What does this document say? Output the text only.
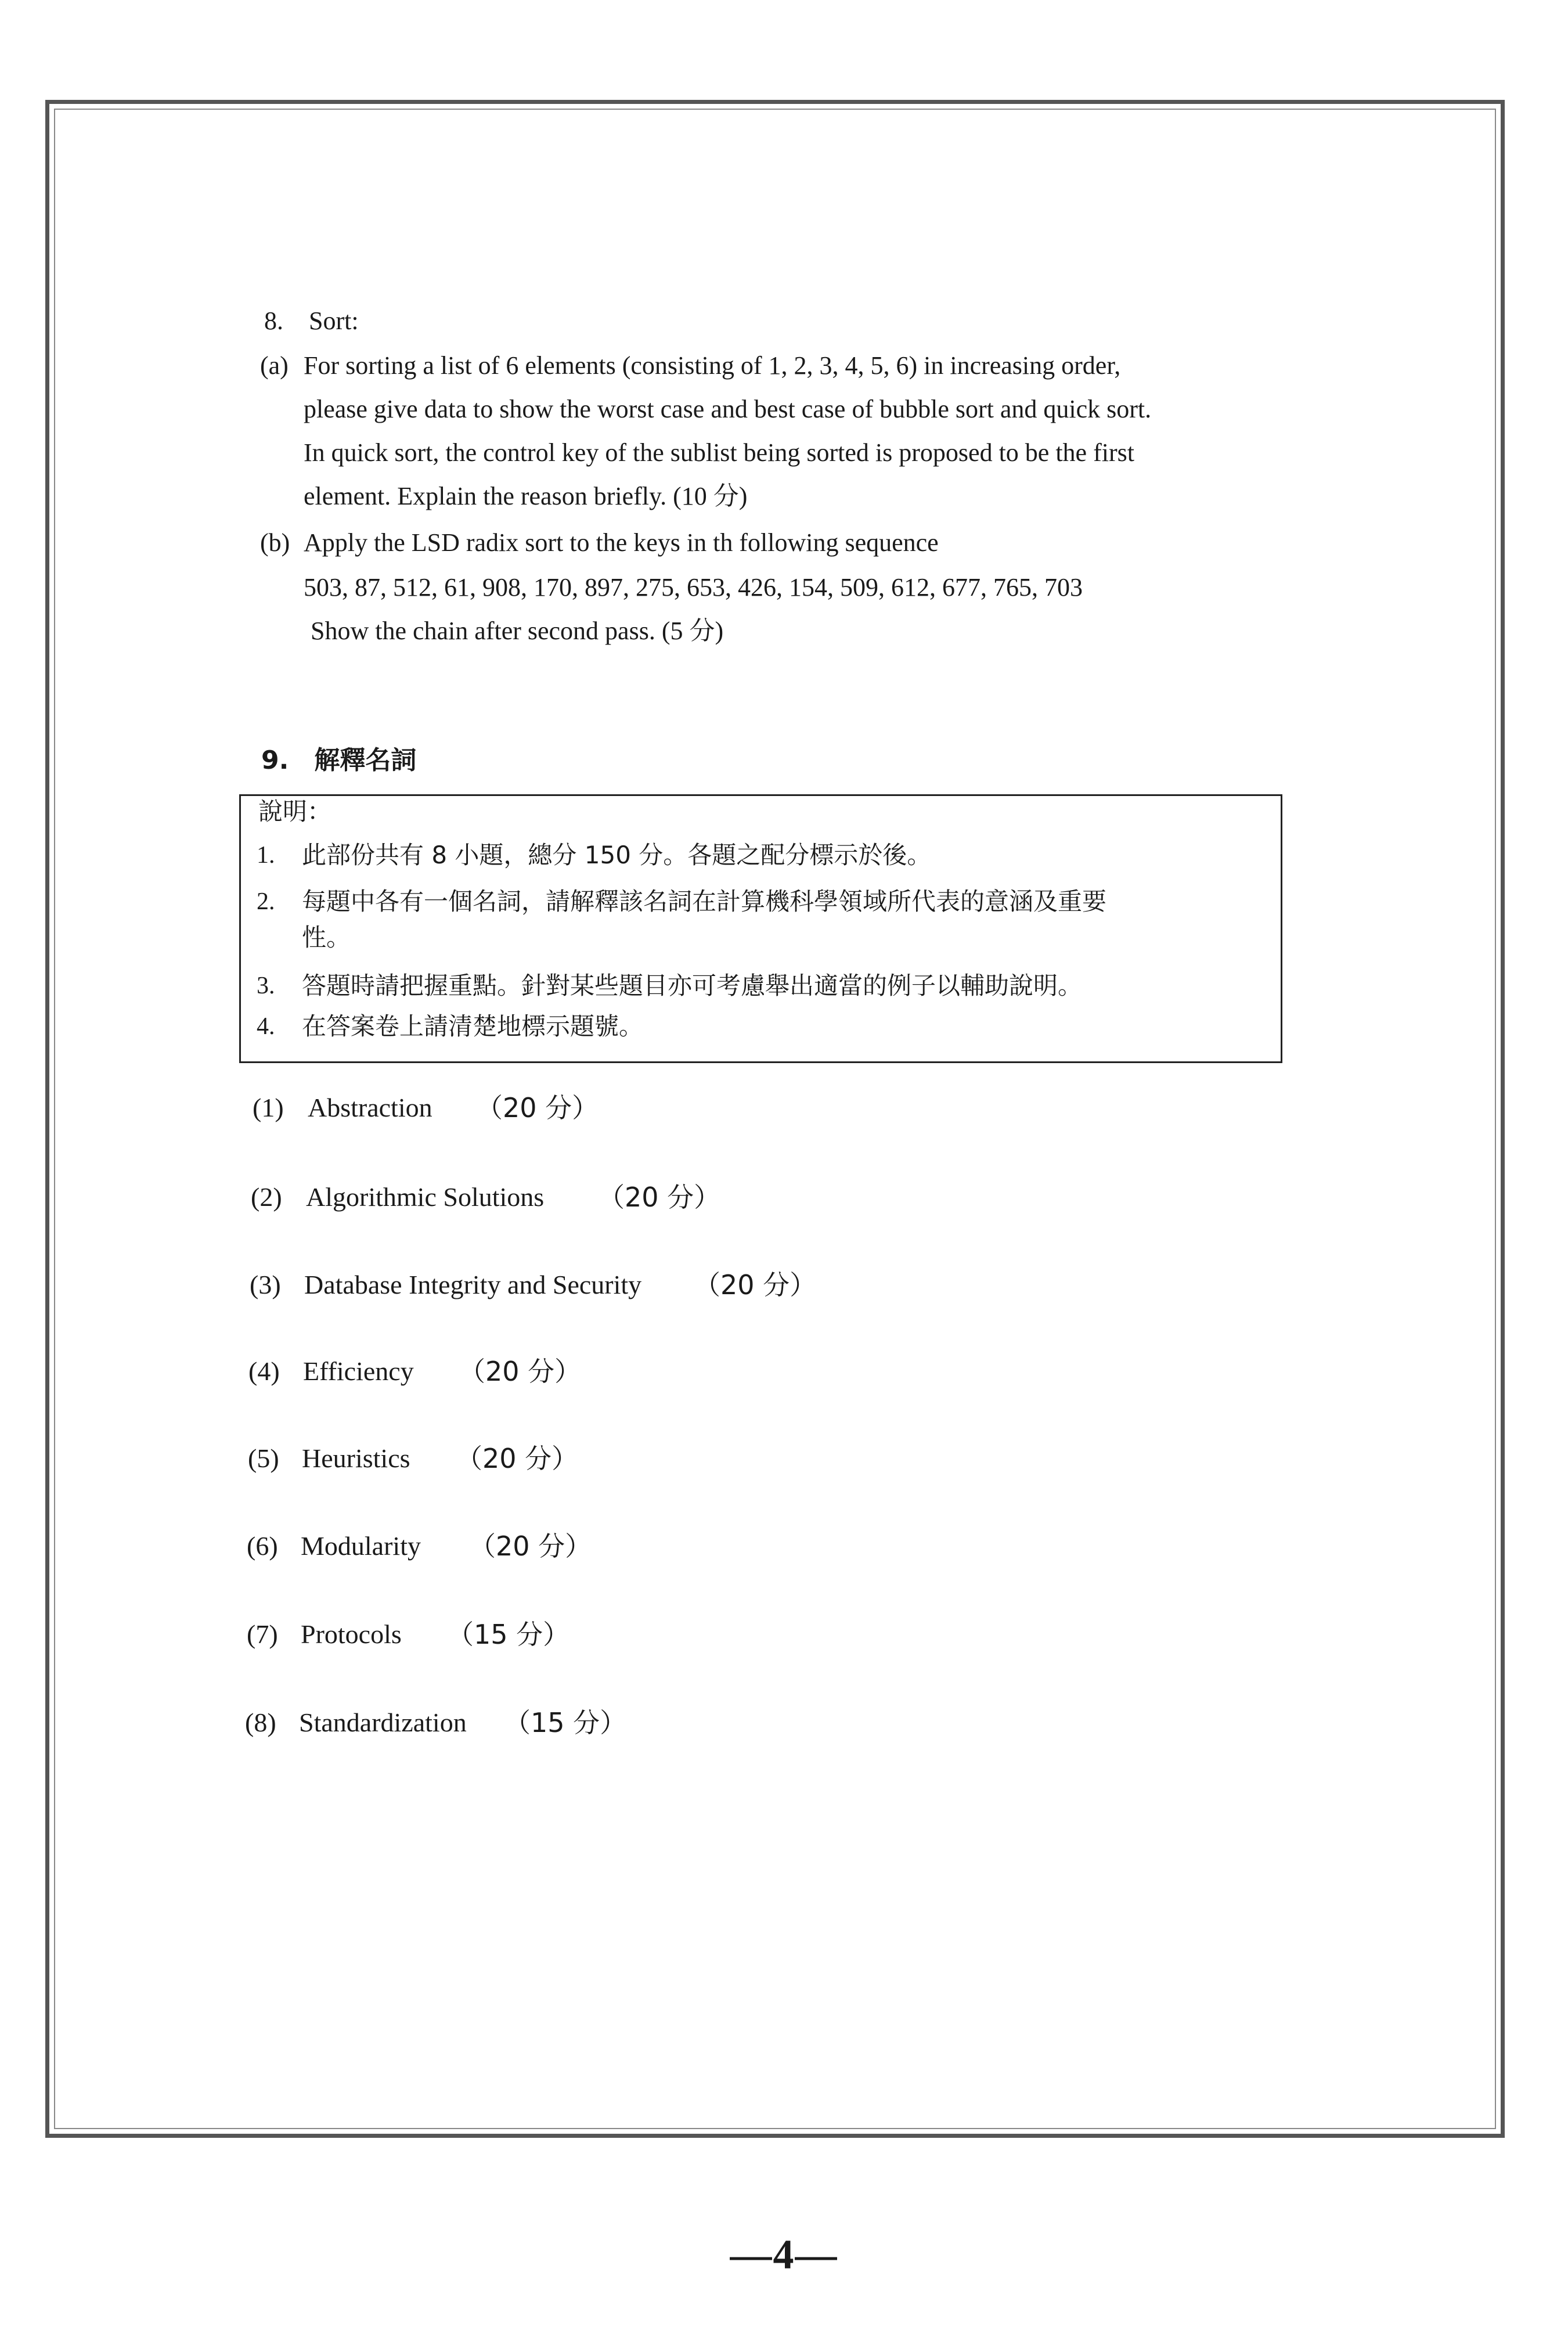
8. Sort:
(a) For sorting a list of 6 elements (consisting of 1, 2, 3, 4, 5, 6) in increasing order,
please give data to show the worst case and best case of bubble sort and quick sort.
In quick sort, the control key of the sublist being sorted is proposed to be the first
element. Explain the reason briefly. (10 分)
(b) Apply the LSD radix sort to the keys in th following sequence
503, 87, 512, 61, 908, 170, 897, 275, 653, 426, 154, 509, 612, 677, 765, 703
Show the chain after second pass. (5 分)
9. 解釋名詞
說明：
1. 此部份共有 8 小題，總分 150 分。各題之配分標示於後。
2. 每題中各有一個名詞，請解釋該名詞在計算機科學領域所代表的意涵及重要
性。
3. 答題時請把握重點。針對某些題目亦可考慮舉出適當的例子以輔助說明。
4. 在答案卷上請清楚地標示題號。
(1) Abstraction （20 分）
(2) Algorithmic Solutions （20 分）
(3) Database Integrity and Security （20 分）
(4) Efficiency （20 分）
(5) Heuristics （20 分）
(6) Modularity （20 分）
(7) Protocols （15 分）
(8) Standardization （15 分）
—4—
